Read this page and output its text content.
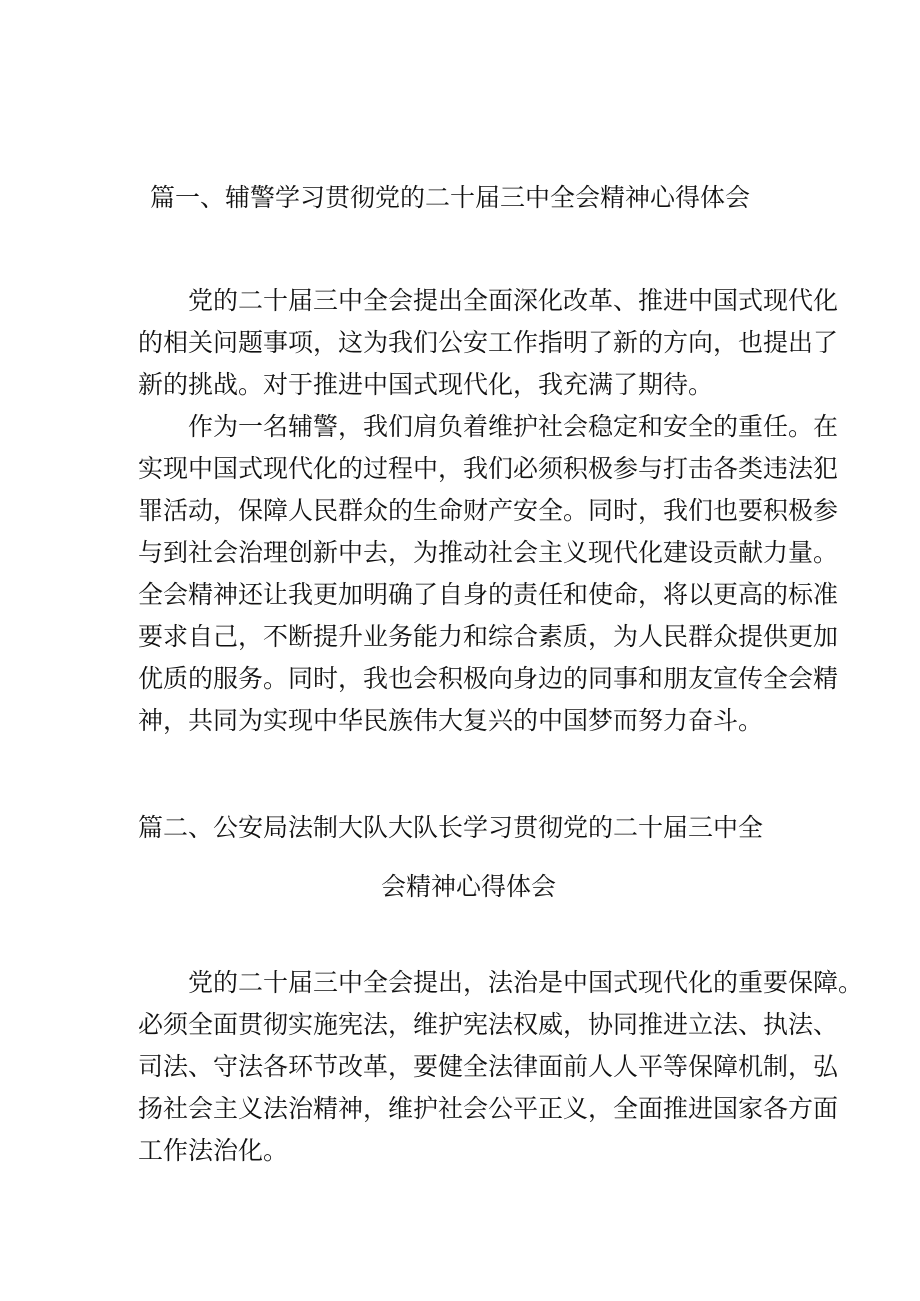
篇一、辅警学习贯彻党的二十届三中全会精神心得体会
党的二十届三中全会提出全面深化改革、推进中国式现代化
的相关问题事项，这为我们公安工作指明了新的方向，也提出了
新的挑战。对于推进中国式现代化，我充满了期待。
作为一名辅警，我们肩负着维护社会稳定和安全的重任。在
实现中国式现代化的过程中，我们必须积极参与打击各类违法犯
罪活动，保障人民群众的生命财产安全。同时，我们也要积极参
与到社会治理创新中去，为推动社会主义现代化建设贡献力量。
全会精神还让我更加明确了自身的责任和使命，将以更高的标准
要求自己，不断提升业务能力和综合素质，为人民群众提供更加
优质的服务。同时，我也会积极向身边的同事和朋友宣传全会精
神，共同为实现中华民族伟大复兴的中国梦而努力奋斗。
篇二、公安局法制大队大队长学习贯彻党的二十届三中全
会精神心得体会
党的二十届三中全会提出，法治是中国式现代化的重要保障。
必须全面贯彻实施宪法，维护宪法权威，协同推进立法、执法、
司法、守法各环节改革，要健全法律面前人人平等保障机制，弘
扬社会主义法治精神，维护社会公平正义，全面推进国家各方面
工作法治化。
